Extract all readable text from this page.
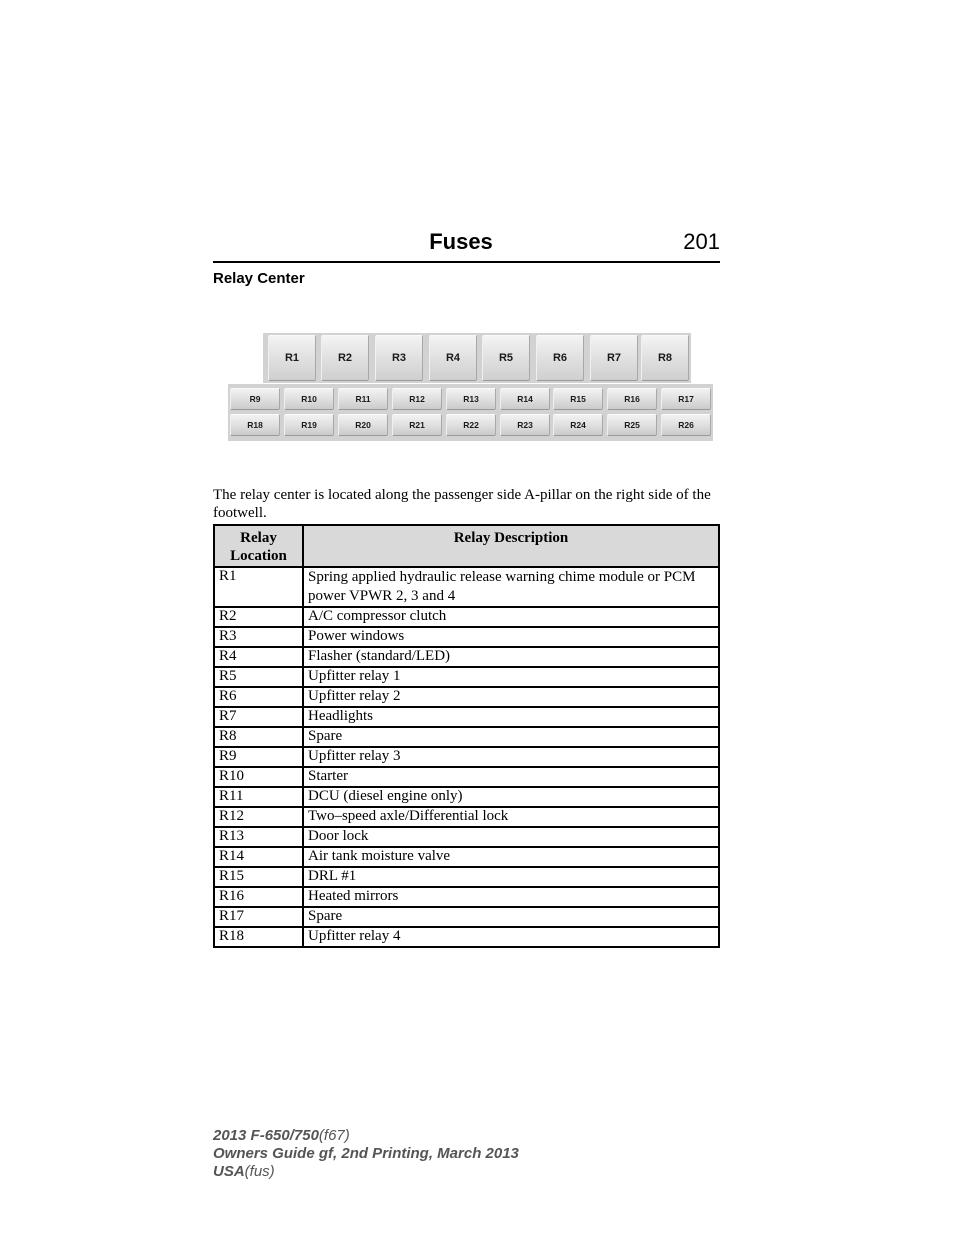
Fuses	201
Relay Center
R1	R2	R3	R4	R5	R6	R7	R8
R9	R10	R11	R12	R13	R14	R15	R16	R17
R18	R19	R20	R21	R22	R23	R24	R25	R26

The relay center is located along the passenger side A-pillar on the right side of the footwell.

Relay
Location	Relay Description
R1	Spring applied hydraulic release warning chime module or PCM power VPWR 2, 3 and 4
R2	A/C compressor clutch
R3	Power windows
R4	Flasher (standard/LED)
R5	Upfitter relay 1
R6	Upfitter relay 2
R7	Headlights
R8	Spare
R9	Upfitter relay 3
R10	Starter
R11	DCU (diesel engine only)
R12	Two–speed axle/Differential lock
R13	Door lock
R14	Air tank moisture valve
R15	DRL #1
R16	Heated mirrors
R17	Spare
R18	Upfitter relay 4
2013 F-650/750(f67)
Owners Guide gf, 2nd Printing, March 2013
USA(fus)
